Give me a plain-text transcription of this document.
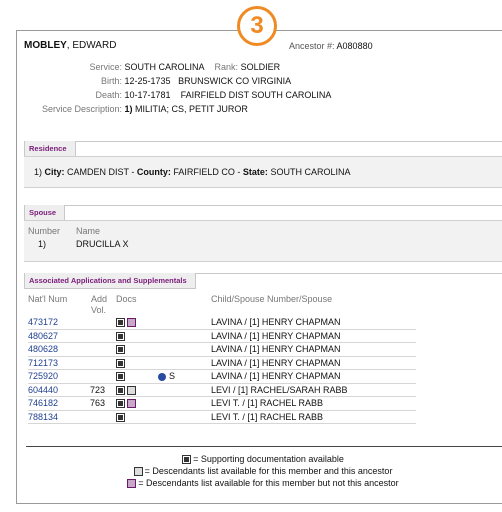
3
MOBLEY, EDWARD	Ancestor #: A080880
Service: SOUTH CAROLINA Rank: SOLDIER
Birth: 12-25-1735 BRUNSWICK CO VIRGINIA
Death: 10-17-1781 FAIRFIELD DIST SOUTH CAROLINA
Service Description: 1) MILITIA; CS, PETIT JUROR
Residence
1) City: CAMDEN DIST - County: FAIRFIELD CO - State: SOUTH CAROLINA
Spouse
Number Name
1)	DRUCILLA X
Associated Applications and Supplementals
Nat'l Num	Add
Vol.
Docs	Child/Spouse Number/Spouse
473172				LAVINA / [1] HENRY CHAPMAN
480627				LAVINA / [1] HENRY CHAPMAN
480628				LAVINA / [1] HENRY CHAPMAN
712173				LAVINA / [1] HENRY CHAPMAN
725920			S	LAVINA / [1] HENRY CHAPMAN
604440	723			LEVI / [1] RACHEL/SARAH RABB
746182	763			LEVI T. / [1] RACHEL RABB
788134				LEVI T. / [1] RACHEL RABB
= Supporting documentation available
= Descendants list available for this member and this ancestor
= Descendants list available for this member but not this ancestor
